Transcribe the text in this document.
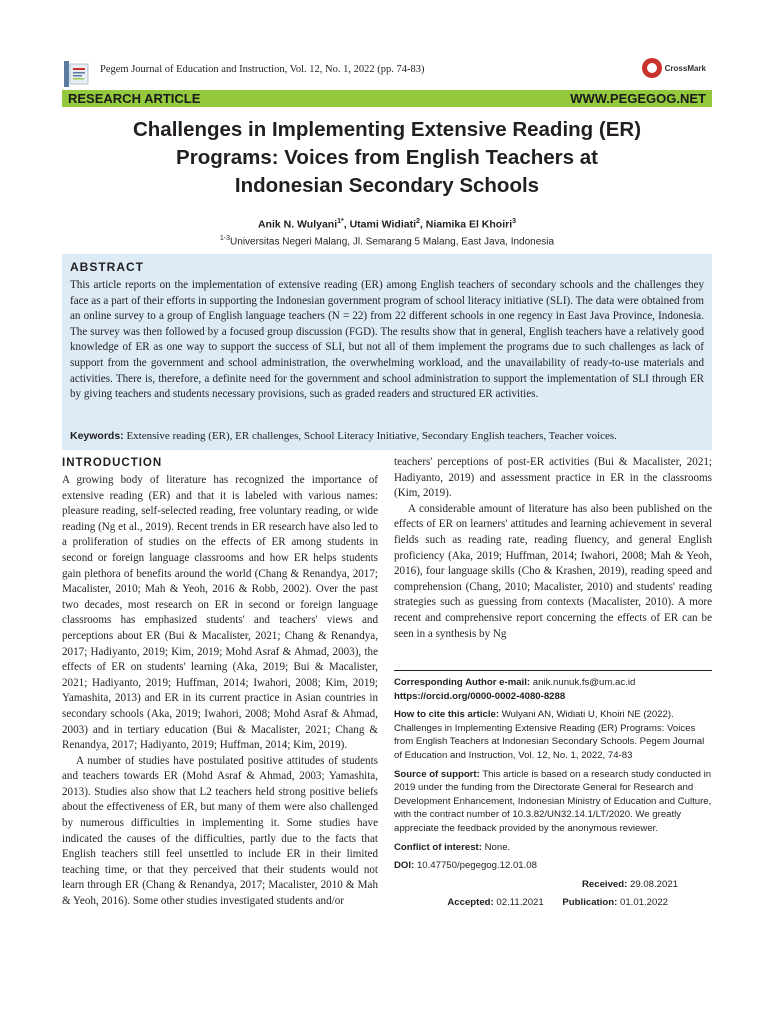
Pegem Journal of Education and Instruction, Vol. 12, No. 1, 2022 (pp. 74-83)	CrossMark
RESEARCH ARTICLE	WWW.PEGEGOG.NET
Challenges in Implementing Extensive Reading (ER)
Programs: Voices from English Teachers at
Indonesian Secondary Schools
Anik N. Wulyani$^{1*}$, Utami Widiati$^2$, Niamika El Khoiri$^3$
$^{1-3}$Universitas Negeri Malang, Jl. Semarang 5 Malang, East Java, Indonesia
ABSTRACT
This article reports on the implementation of extensive reading (ER) among English teachers of secondary schools and the challenges they face as a part of their efforts in supporting the Indonesian government program of school literacy initiative (SLI). The data were obtained from an online survey to a group of English language teachers (N = 22) from 22 different schools in one regency in East Java Province, Indonesia. The survey was then followed by a focused group discussion (FGD). The results show that in general, English teachers have a relatively good knowledge of ER as one way to support the success of SLI, but not all of them implement the programs due to such challenges as lack of support from the government and school administration, the overwhelming workload, and the unavailability of ready-to-use materials and activities. There is, therefore, a definite need for the government and school administration to support the implementation of SLI through ER by giving teachers and students necessary provisions, such as graded readers and structured ER activities.
Keywords: Extensive reading (ER), ER challenges, School Literacy Initiative, Secondary English teachers, Teacher voices.
INTRODUCTION

A growing body of literature has recognized the importance of extensive reading (ER) and that it is labeled with various names: pleasure reading, self-selected reading, free voluntary reading, or wide reading (Ng et al., 2019). Recent trends in ER research have also led to a proliferation of studies on the effects of ER among students in second or foreign language classrooms and how ER helps students gain plethora of benefits around the world (Chang & Renandya, 2017; Macalister, 2010; Mah & Yeoh, 2016 & Robb, 2002). Over the past two decades, most research on ER in second or foreign language classrooms has emphasized students' and teachers' views and perceptions about ER (Bui & Macalister, 2021; Chang & Renandya, 2017; Hadiyanto, 2019; Kim, 2019; Mohd Asraf & Ahmad, 2003), the effects of ER on students' learning (Aka, 2019; Bui & Macalister, 2021; Hadiyanto, 2019; Huffman, 2014; Iwahori, 2008; Kim, 2019; Yamashita, 2013) and ER in its current practice in Asian countries in secondary schools (Aka, 2019; Iwahori, 2008; Mohd Asraf & Ahmad, 2003) and in tertiary education (Bui & Macalister, 2021; Chang & Renandya, 2017; Hadiyanto, 2019; Huffman, 2014; Kim, 2019).

A number of studies have postulated positive attitudes of students and teachers towards ER (Mohd Asraf & Ahmad, 2003; Yamashita, 2013). Studies also show that L2 teachers held strong positive beliefs about the effectiveness of ER, but many of them were also challenged by numerous difficulties in implementing it. Some studies have indicated the causes of the difficulties, partly due to the facts that English teachers still feel unsettled to include ER in their limited teaching time, or that they perceived that their students would not learn through ER (Chang & Renandya, 2017; Macalister, 2010 & Mah & Yeoh, 2016). Some other studies investigated students and/or

teachers' perceptions of post-ER activities (Bui & Macalister, 2021; Hadiyanto, 2019) and assessment practice in ER in the classrooms (Kim, 2019).

A considerable amount of literature has also been published on the effects of ER on learners' attitudes and learning achievement in several fields such as reading rate, reading fluency, and general English proficiency (Aka, 2019; Huffman, 2014; Iwahori, 2008; Mah & Yeoh, 2016), four language skills (Cho & Krashen, 2019), reading speed and comprehension (Chang, 2010; Macalister, 2010) and students' reading strategies such as guessing from contexts (Macalister, 2010). A more recent and comprehensive report concerning the effects of ER can be seen in a synthesis by Ng

Corresponding Author e-mail: anik.nunuk.fs@um.ac.id
https://orcid.org/0000-0002-4080-8288

How to cite this article: Wulyani AN, Widiati U, Khoiri NE (2022). Challenges in Implementing Extensive Reading (ER) Programs: Voices from English Teachers at Indonesian Secondary Schools. Pegem Journal of Education and Instruction, Vol. 12, No. 1, 2022, 74-83

Source of support: This article is based on a research study conducted in 2019 under the funding from the Directorate General for Research and Development Enhancement, Indonesian Ministry of Education and Culture, with the contract number of 10.3.82/UN32.14.1/LT/2020. We greatly appreciate the feedback provided by the anonymous reviewer.

Conflict of interest: None.

DOI: 10.47750/pegegog.12.01.08

Received: 29.08.2021

Accepted: 02.11.2021 Publication: 01.01.2022
